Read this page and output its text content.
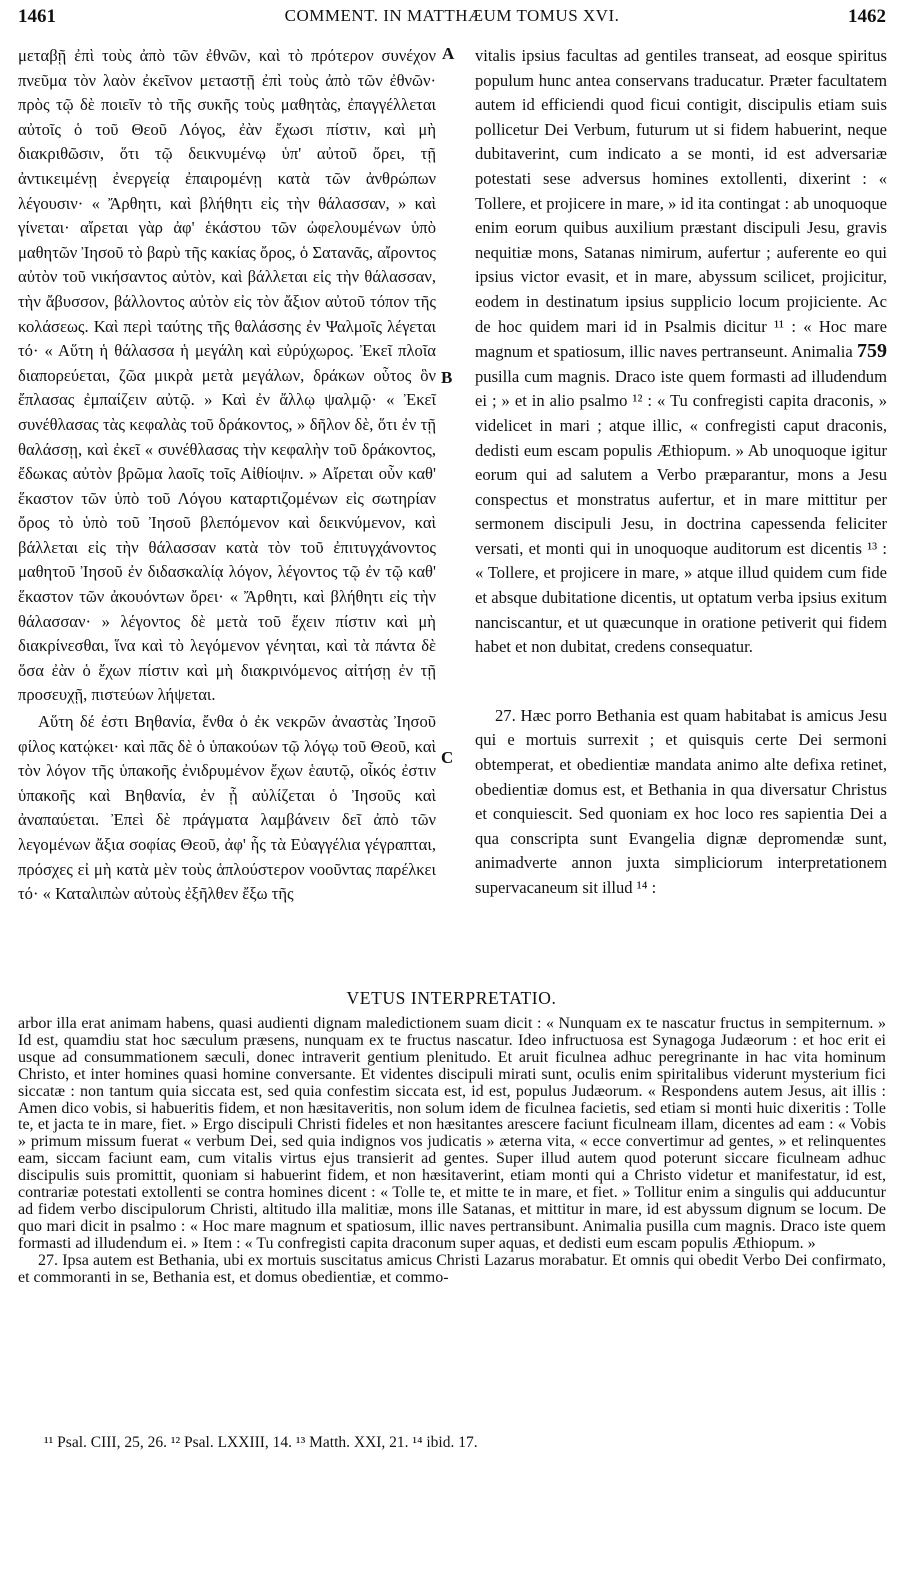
1461	COMMENT. IN MATTHÆUM TOMUS XVI.	1462
A
B
C

μεταβῇ ἐπὶ τοὺς ἀπὸ τῶν ἐθνῶν, καὶ τὸ πρότερον συνέχον πνεῦμα τὸν λαὸν ἐκεῖνον μεταστῇ ἐπὶ τοὺς ἀπὸ τῶν ἐθνῶν· πρὸς τῷ δὲ ποιεῖν τὸ τῆς συκῆς τοὺς μαθητὰς, ἐπαγγέλλεται αὐτοῖς ὁ τοῦ Θεοῦ Λόγος, ἐὰν ἔχωσι πίστιν, καὶ μὴ διακριθῶσιν, ὅτι τῷ δεικνυμένῳ ὑπ' αὐτοῦ ὄρει, τῇ ἀντικειμένῃ ἐνεργείᾳ ἐπαιρομένῃ κατὰ τῶν ἀνθρώπων λέγουσιν· « Ἄρθητι, καὶ βλήθητι εἰς τὴν θάλασσαν, » καὶ γίνεται· αἴρεται γὰρ ἀφ' ἑκάστου τῶν ὠφελουμένων ὑπὸ μαθητῶν Ἰησοῦ τὸ βαρὺ τῆς κακίας ὄρος, ὁ Σατανᾶς, αἴροντος αὐτὸν τοῦ νικήσαντος αὐτὸν, καὶ βάλλεται εἰς τὴν θάλασσαν, τὴν ἄβυσσον, βάλλοντος αὐτὸν εἰς τὸν ἄξιον αὐτοῦ τόπον τῆς κολάσεως. Καὶ περὶ ταύτης τῆς θαλάσσης ἐν Ψαλμοῖς λέγεται τό· « Αὕτη ἡ θάλασσα ἡ μεγάλη καὶ εὐρύχωρος. Ἐκεῖ πλοῖα διαπορεύεται, ζῶα μικρὰ μετὰ μεγάλων, δράκων οὗτος ὃν ἔπλασας ἐμπαίζειν αὐτῷ. » Καὶ ἐν ἄλλῳ ψαλμῷ· « Ἐκεῖ συνέθλασας τὰς κεφαλὰς τοῦ δράκοντος, » δῆλον δὲ, ὅτι ἐν τῇ θαλάσσῃ, καὶ ἐκεῖ « συνέθλασας τὴν κεφαλὴν τοῦ δράκοντος, ἔδωκας αὐτὸν βρῶμα λαοῖς τοῖς Αἰθίοψιν. » Αἴρεται οὖν καθ' ἕκαστον τῶν ὑπὸ τοῦ Λόγου καταρτιζομένων εἰς σωτηρίαν ὄρος τὸ ὑπὸ τοῦ Ἰησοῦ βλεπόμενον καὶ δεικνύμενον, καὶ βάλλεται εἰς τὴν θάλασσαν κατὰ τὸν τοῦ ἐπιτυγχάνοντος μαθητοῦ Ἰησοῦ ἐν διδασκαλίᾳ λόγον, λέγοντος τῷ ἐν τῷ καθ' ἕκαστον τῶν ἀκουόντων ὄρει· « Ἄρθητι, καὶ βλήθητι εἰς τὴν θάλασσαν· » λέγοντος δὲ μετὰ τοῦ ἔχειν πίστιν καὶ μὴ διακρίνεσθαι, ἵνα καὶ τὸ λεγόμενον γένηται, καὶ τὰ πάντα δὲ ὅσα ἐὰν ὁ ἔχων πίστιν καὶ μὴ διακρινόμενος αἰτήσῃ ἐν τῇ προσευχῇ, πιστεύων λήψεται.

Αὕτη δέ ἐστι Βηθανία, ἔνθα ὁ ἐκ νεκρῶν ἀναστὰς Ἰησοῦ φίλος κατῴκει· καὶ πᾶς δὲ ὁ ὑπακούων τῷ λόγῳ τοῦ Θεοῦ, καὶ τὸν λόγον τῆς ὑπακοῆς ἐνιδρυμένον ἔχων ἑαυτῷ, οἶκός ἐστιν ὑπακοῆς καὶ Βηθανία, ἐν ᾗ αὐλίζεται ὁ Ἰησοῦς καὶ ἀναπαύεται. Ἐπεὶ δὲ πράγματα λαμβάνειν δεῖ ἀπὸ τῶν λεγομένων ἄξια σοφίας Θεοῦ, ἀφ' ἧς τὰ Εὐαγγέλια γέγραπται, πρόσχες εἰ μὴ κατὰ μὲν τοὺς ἁπλούστερον νοοῦντας παρέλκει τό· « Καταλιπὼν αὐτοὺς ἐξῆλθεν ἔξω τῆς

vitalis ipsius facultas ad gentiles transeat, ad eosque spiritus populum hunc antea conservans traducatur. Præter facultatem autem id efficiendi quod ficui contigit, discipulis etiam suis pollicetur Dei Verbum, futurum ut si fidem habuerint, neque dubitaverint, cum indicato a se monti, id est adversariæ potestati sese adversus homines extollenti, dixerint : « Tollere, et projicere in mare, » id ita contingat : ab unoquoque enim eorum quibus auxilium præstant discipuli Jesu, gravis nequitiæ mons, Satanas nimirum, aufertur ; auferente eo qui ipsius victor evasit, et in mare, abyssum scilicet, projicitur, eodem in destinatum ipsius supplicio locum projiciente. Ac de hoc quidem mari id in Psalmis dicitur ¹¹ : « Hoc mare magnum et spatiosum, illic naves pertranseunt. Animalia 759 pusilla cum magnis. Draco iste quem formasti ad illudendum ei ; » et in alio psalmo ¹² : « Tu confregisti capita draconis, » videlicet in mari ; atque illic, « confregisti caput draconis, dedisti eum escam populis Æthiopum. » Ab unoquoque igitur eorum qui ad salutem a Verbo præparantur, mons a Jesu conspectus et monstratus aufertur, et in mare mittitur per sermonem discipuli Jesu, in doctrina capessenda feliciter versati, et monti qui in unoquoque auditorum est dicentis ¹³ : « Tollere, et projicere in mare, » atque illud quidem cum fide et absque dubitatione dicentis, ut optatum verba ipsius exitum nanciscantur, et ut quæcunque in oratione petiverit qui fidem habet et non dubitat, credens consequatur.

27. Hæc porro Bethania est quam habitabat is amicus Jesu qui e mortuis surrexit ; et quisquis certe Dei sermoni obtemperat, et obedientiæ mandata animo alte defixa retinet, obedientiæ domus est, et Bethania in qua diversatur Christus et conquiescit. Sed quoniam ex hoc loco res sapientia Dei a qua conscripta sunt Evangelia dignæ depromendæ sunt, animadverte annon juxta simpliciorum interpretationem supervacaneum sit illud ¹⁴ :

VETUS INTERPRETATIO.

arbor illa erat animam habens, quasi audienti dignam maledictionem suam dicit : « Nunquam ex te nascatur fructus in sempiternum. » Id est, quamdiu stat hoc sæculum præsens, nunquam ex te fructus nascatur. Ideo infructuosa est Synagoga Judæorum : et hoc erit ei usque ad consummationem sæculi, donec intraverit gentium plenitudo. Et aruit ficulnea adhuc peregrinante in hac vita hominum Christo, et inter homines quasi homine conversante. Et videntes discipuli mirati sunt, oculis enim spiritalibus viderunt mysterium fici siccatæ : non tantum quia siccata est, sed quia confestim siccata est, id est, populus Judæorum. « Respondens autem Jesus, ait illis : Amen dico vobis, si habueritis fidem, et non hæsitaveritis, non solum idem de ficulnea facietis, sed etiam si monti huic dixeritis : Tolle te, et jacta te in mare, fiet. » Ergo discipuli Christi fideles et non hæsitantes arescere faciunt ficulneam illam, dicentes ad eam : « Vobis » primum missum fuerat « verbum Dei, sed quia indignos vos judicatis » æterna vita, « ecce convertimur ad gentes, » et relinquentes eam, siccam faciunt eam, cum vitalis virtus ejus transierit ad gentes. Super illud autem quod poterunt siccare ficulneam adhuc discipulis suis promittit, quoniam si habuerint fidem, et non hæsitaverint, etiam monti qui a Christo videtur et manifestatur, id est, contrariæ potestati extollenti se contra homines dicent : « Tolle te, et mitte te in mare, et fiet. » Tollitur enim a singulis qui adducuntur ad fidem verbo discipulorum Christi, altitudo illa malitiæ, mons ille Satanas, et mittitur in mare, id est abyssum dignum se locum. De quo mari dicit in psalmo : « Hoc mare magnum et spatiosum, illic naves pertransibunt. Animalia pusilla cum magnis. Draco iste quem formasti ad illudendum ei. » Item : « Tu confregisti capita draconum super aquas, et dedisti eum escam populis Æthiopum. »

27. Ipsa autem est Bethania, ubi ex mortuis suscitatus amicus Christi Lazarus morabatur. Et omnis qui obedit Verbo Dei confirmato, et commoranti in se, Bethania est, et domus obedientiæ, et commo-

¹¹ Psal. CIII, 25, 26. ¹² Psal. LXXIII, 14. ¹³ Matth. XXI, 21. ¹⁴ ibid. 17.
